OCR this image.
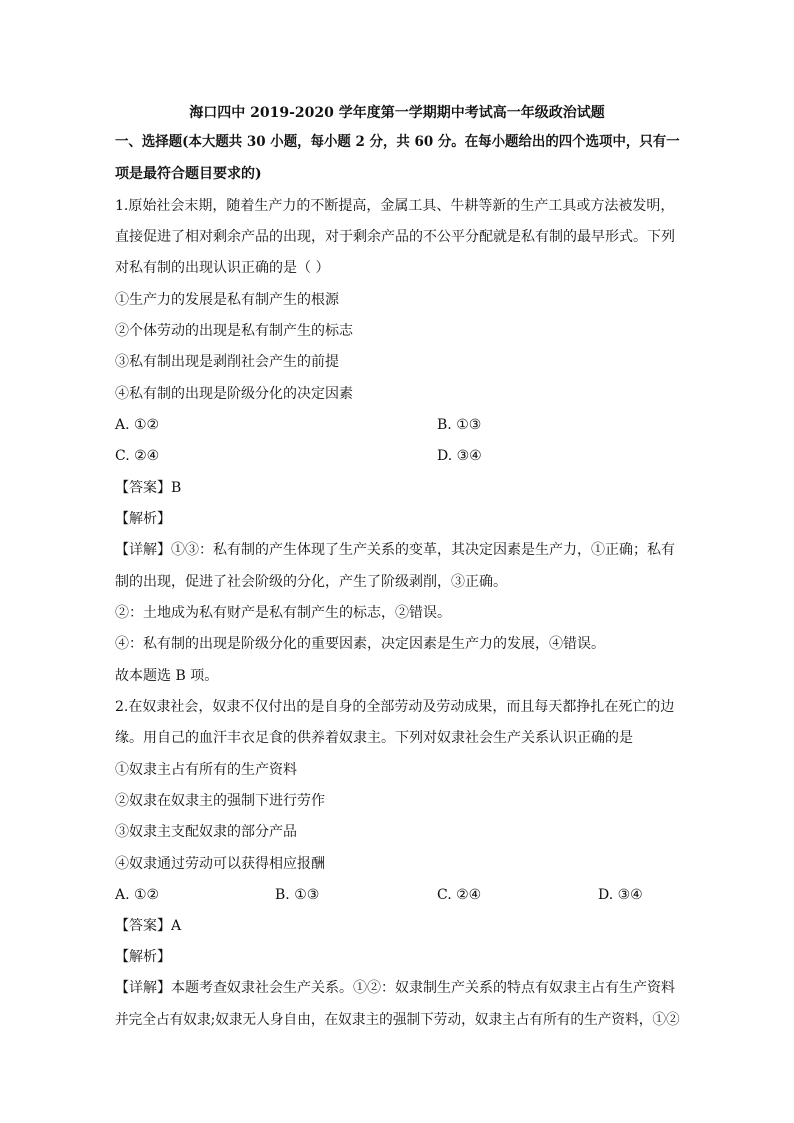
海口四中 2019-2020 学年度第一学期期中考试高一年级政治试题
一、选择题(本大题共 30 小题，每小题 2 分，共 60 分。在每小题给出的四个选项中，只有一
项是最符合题目要求的)
1.原始社会末期，随着生产力的不断提高，金属工具、牛耕等新的生产工具或方法被发明，
直接促进了相对剩余产品的出现，对于剩余产品的不公平分配就是私有制的最早形式。下列
对私有制的出现认识正确的是（ ）
①生产力的发展是私有制产生的根源
②个体劳动的出现是私有制产生的标志
③私有制出现是剥削社会产生的前提
④私有制的出现是阶级分化的决定因素
A. ①②	B. ①③
C. ②④	D. ③④
【答案】B
【解析】
【详解】①③：私有制的产生体现了生产关系的变革，其决定因素是生产力，①正确；私有
制的出现，促进了社会阶级的分化，产生了阶级剥削，③正确。
②：土地成为私有财产是私有制产生的标志，②错误。
④：私有制的出现是阶级分化的重要因素，决定因素是生产力的发展，④错误。
故本题选 B 项。
2.在奴隶社会，奴隶不仅付出的是自身的全部劳动及劳动成果，而且每天都挣扎在死亡的边
缘。用自己的血汗丰衣足食的供养着奴隶主。下列对奴隶社会生产关系认识正确的是
①奴隶主占有所有的生产资料
②奴隶在奴隶主的强制下进行劳作
③奴隶主支配奴隶的部分产品
④奴隶通过劳动可以获得相应报酬
A. ①②	B. ①③	C. ②④	D. ③④
【答案】A
【解析】
【详解】本题考查奴隶社会生产关系。①②：奴隶制生产关系的特点有奴隶主占有生产资料
并完全占有奴隶;奴隶无人身自由，在奴隶主的强制下劳动，奴隶主占有所有的生产资料，①②
